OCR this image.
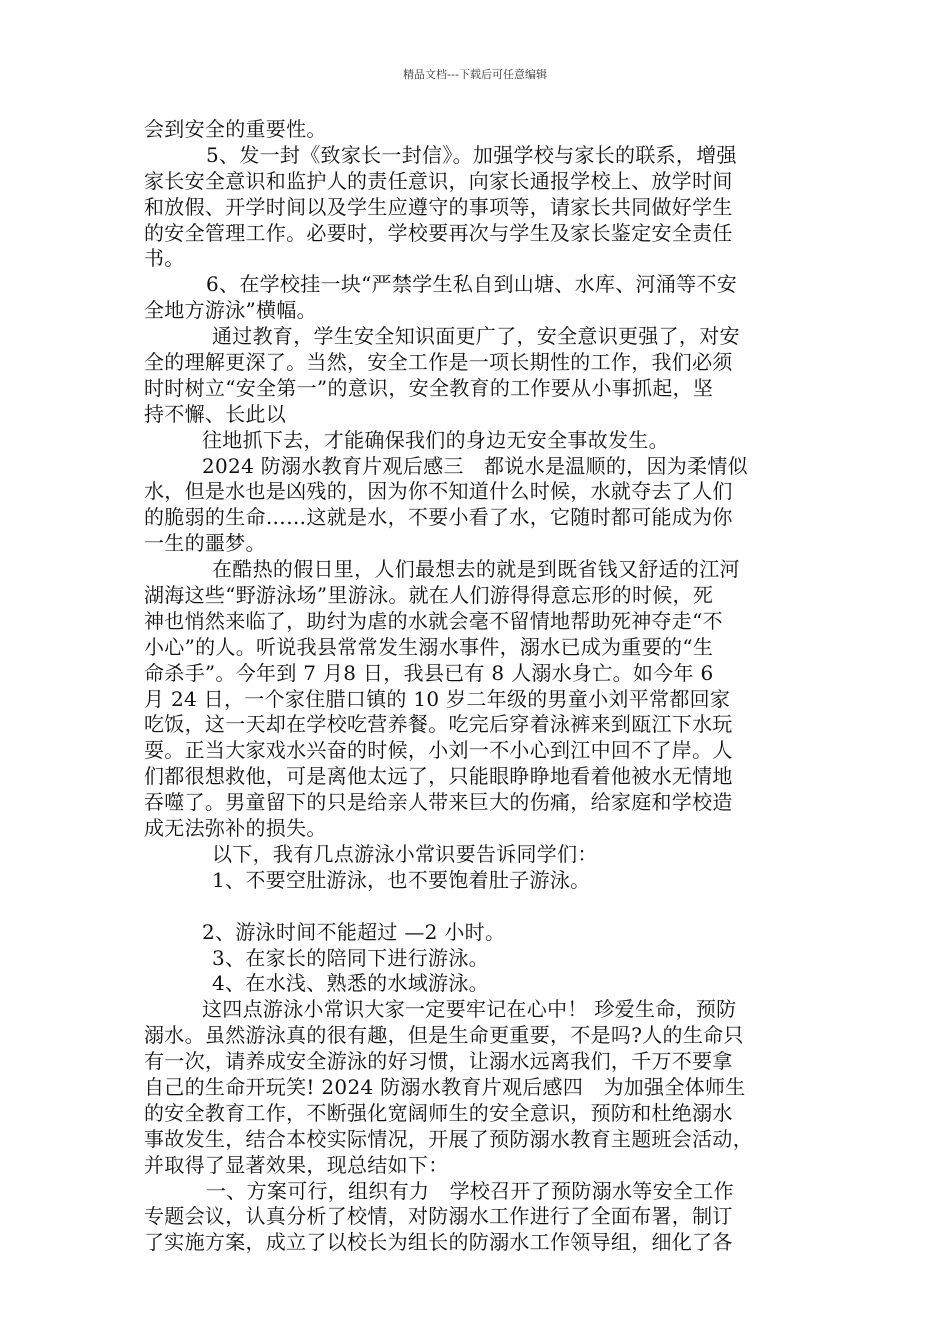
精品文档---下载后可任意编辑
会到安全的重要性。
5、发一封《致家长一封信》。加强学校与家长的联系，增强
家长安全意识和监护人的责任意识，向家长通报学校上、放学时间
和放假、开学时间以及学生应遵守的事项等，请家长共同做好学生
的安全管理工作。必要时，学校要再次与学生及家长鉴定安全责任
书。
6、在学校挂一块“严禁学生私自到山塘、水库、河涌等不安
全地方游泳”横幅。
通过教育，学生安全知识面更广了，安全意识更强了，对安
全的理解更深了。当然，安全工作是一项长期性的工作，我们必须
时时树立“安全第一”的意识，安全教育的工作要从小事抓起，坚
持不懈、长此以
往地抓下去，才能确保我们的身边无安全事故发生。
2024 防溺水教育片观后感三　都说水是温顺的，因为柔情似
水，但是水也是凶残的，因为你不知道什么时候，水就夺去了人们
的脆弱的生命……这就是水，不要小看了水，它随时都可能成为你
一生的噩梦。
在酷热的假日里，人们最想去的就是到既省钱又舒适的江河
湖海这些“野游泳场”里游泳。就在人们游得得意忘形的时候，死
神也悄然来临了，助纣为虐的水就会毫不留情地帮助死神夺走“不
小心”的人。听说我县常常发生溺水事件，溺水已成为重要的“生
命杀手”。今年到 7 月8 日，我县已有 8 人溺水身亡。如今年 6
月 24 日，一个家住腊口镇的 10 岁二年级的男童小刘平常都回家
吃饭，这一天却在学校吃营养餐。吃完后穿着泳裤来到瓯江下水玩
耍。正当大家戏水兴奋的时候，小刘一不小心到江中回不了岸。人
们都很想救他，可是离他太远了，只能眼睁睁地看着他被水无情地
吞噬了。男童留下的只是给亲人带来巨大的伤痛，给家庭和学校造
成无法弥补的损失。
以下，我有几点游泳小常识要告诉同学们：
1、不要空肚游泳，也不要饱着肚子游泳。
2、游泳时间不能超过 —2 小时。
3、在家长的陪同下进行游泳。
4、在水浅、熟悉的水域游泳。
这四点游泳小常识大家一定要牢记在心中！ 珍爱生命，预防
溺水。虽然游泳真的很有趣，但是生命更重要，不是吗?人的生命只
有一次，请养成安全游泳的好习惯，让溺水远离我们，千万不要拿
自己的生命开玩笑! 2024 防溺水教育片观后感四　为加强全体师生
的安全教育工作，不断强化宽阔师生的安全意识，预防和杜绝溺水
事故发生，结合本校实际情况，开展了预防溺水教育主题班会活动，
并取得了显著效果，现总结如下：
一、方案可行，组织有力　学校召开了预防溺水等安全工作
专题会议，认真分析了校情，对防溺水工作进行了全面布署，制订
了实施方案，成立了以校长为组长的防溺水工作领导组，细化了各
